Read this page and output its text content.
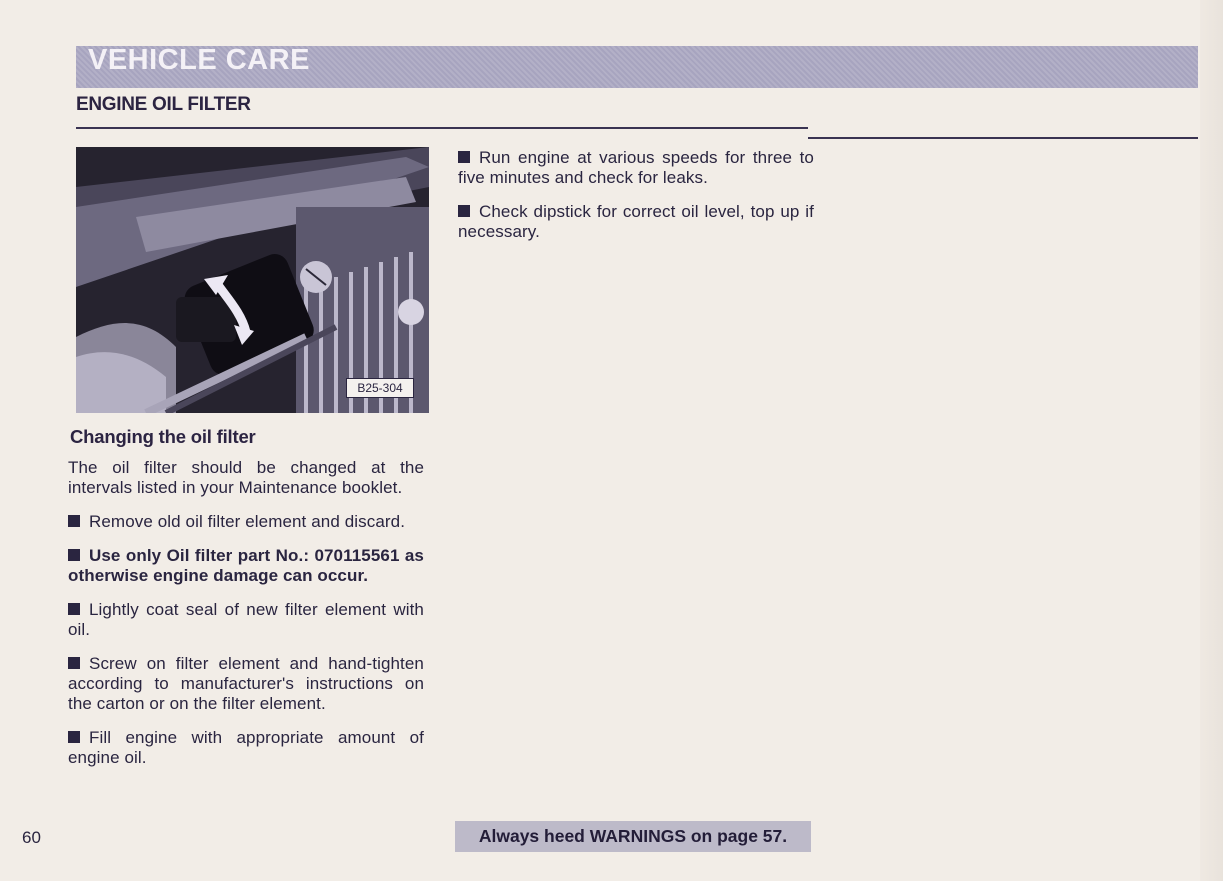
VEHICLE CARE
ENGINE OIL FILTER
B25-304
Changing the oil filter

The oil filter should be changed at the intervals listed in your Maintenance booklet.

Remove old oil filter element and discard.

Use only Oil filter part No.: 070115561 as otherwise engine damage can occur.

Lightly coat seal of new filter element with oil.

Screw on filter element and hand-tighten according to manufacturer's instructions on the carton or on the filter element.

Fill engine with appropriate amount of engine oil.

Run engine at various speeds for three to five minutes and check for leaks.

Check dipstick for correct oil level, top up if necessary.

60	Always heed WARNINGS on page 57.
